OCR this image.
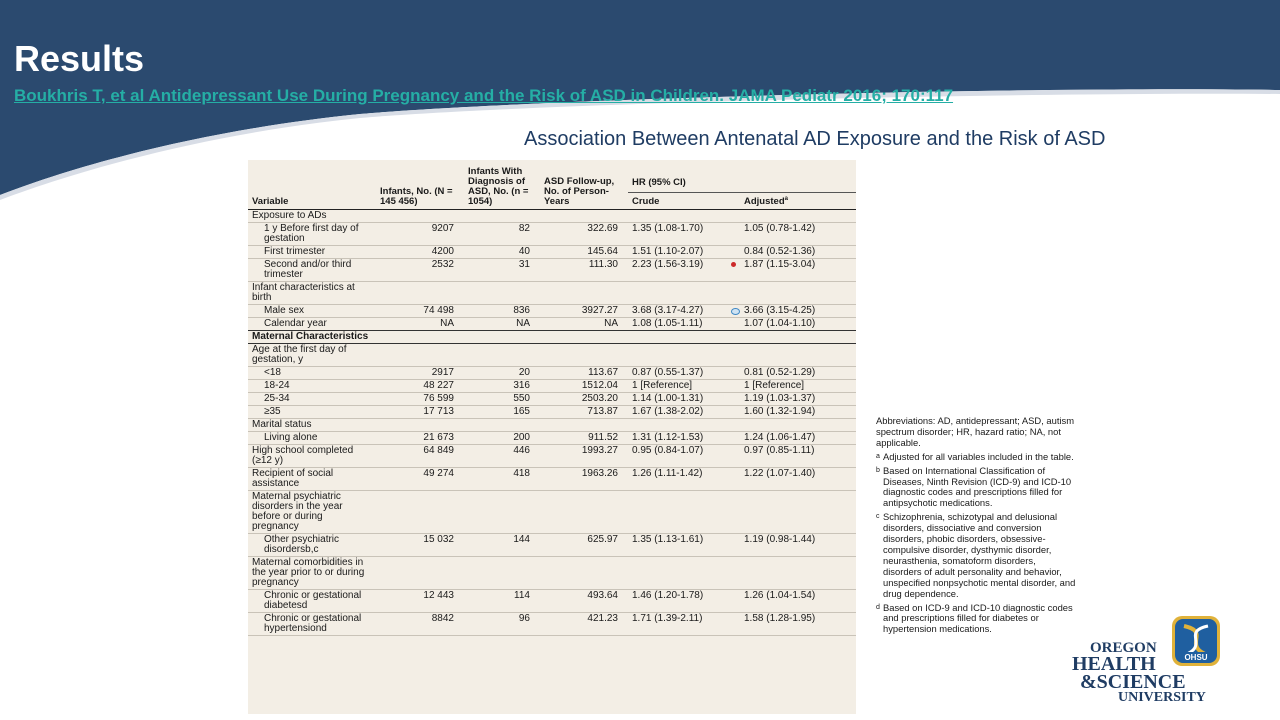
Results
Boukhris T, et al Antidepressant Use During Pregnancy and the Risk of ASD in Children. JAMA Pediatr 2016; 170:117
Association Between Antenatal AD Exposure and the Risk of ASD
Variable	Infants, No. (N = 145 456)	Infants With Diagnosis of ASD, No. (n = 1054)	ASD Follow-up, No. of Person-Years	HR (95% CI)	
				Crude	Adjusted$^a$
Exposure to ADs					
1 y Before first day of gestation	9207	82	322.69	1.35 (1.08-1.70)	1.05 (0.78-1.42)
First trimester	4200	40	145.64	1.51 (1.10-2.07)	0.84 (0.52-1.36)
Second and/or third trimester	2532	31	111.30	2.23 (1.56-3.19)	1.87 (1.15-3.04)
Infant characteristics at birth					
Male sex	74 498	836	3927.27	3.68 (3.17-4.27)	3.66 (3.15-4.25)
Calendar year	NA	NA	NA	1.08 (1.05-1.11)	1.07 (1.04-1.10)
Maternal Characteristics					
Age at the first day of gestation, y					
<18	2917	20	113.67	0.87 (0.55-1.37)	0.81 (0.52-1.29)
18-24	48 227	316	1512.04	1 [Reference]	1 [Reference]
25-34	76 599	550	2503.20	1.14 (1.00-1.31)	1.19 (1.03-1.37)
≥35	17 713	165	713.87	1.67 (1.38-2.02)	1.60 (1.32-1.94)
Marital status					
Living alone	21 673	200	911.52	1.31 (1.12-1.53)	1.24 (1.06-1.47)
High school completed (≥12 y)	64 849	446	1993.27	0.95 (0.84-1.07)	0.97 (0.85-1.11)
Recipient of social assistance	49 274	418	1963.26	1.26 (1.11-1.42)	1.22 (1.07-1.40)
Maternal psychiatric disorders in the year before or during pregnancy					
Other psychiatric disordersb,c	15 032	144	625.97	1.35 (1.13-1.61)	1.19 (0.98-1.44)
Maternal comorbidities in the year prior to or during pregnancy					
Chronic or gestational diabetesd	12 443	114	493.64	1.46 (1.20-1.78)	1.26 (1.04-1.54)
Chronic or gestational hypertensiond	8842	96	421.23	1.71 (1.39-2.11)	1.58 (1.28-1.95)

Abbreviations: AD, antidepressant; ASD, autism spectrum disorder; HR, hazard ratio; NA, not applicable.

a Adjusted for all variables included in the table.
b Based on International Classification of Diseases, Ninth Revision (ICD-9) and ICD-10 diagnostic codes and prescriptions filled for antipsychotic medications.
c Schizophrenia, schizotypal and delusional disorders, dissociative and conversion disorders, phobic disorders, obsessive-compulsive disorder, dysthymic disorder, neurasthenia, somatoform disorders, disorders of adult personality and behavior, unspecified nonpsychotic mental disorder, and drug dependence.
d Based on ICD-9 and ICD-10 diagnostic codes and prescriptions filled for diabetes or hypertension medications.
OHSU
OREGON
HEALTH
&SCIENCE
UNIVERSITY
